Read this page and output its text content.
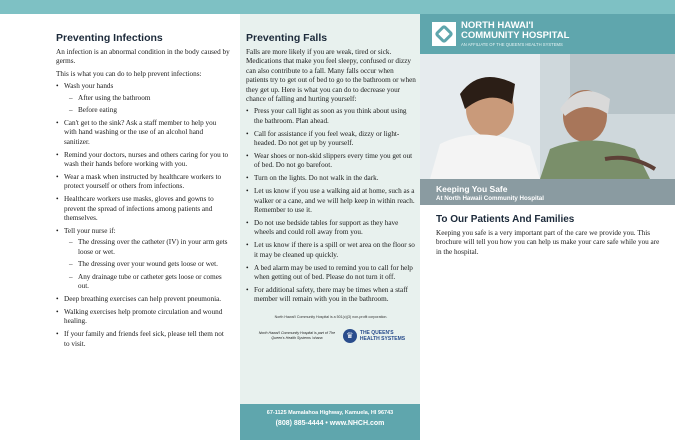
Preventing Infections

An infection is an abnormal condition in the body caused by germs.

This is what you can do to help prevent infections:

• Wash your hands
– After using the bathroom
– Before eating
• Can't get to the sink? Ask a staff member to help you with hand washing or the use of an alcohol hand sanitizer.
• Remind your doctors, nurses and others caring for you to wash their hands before working with you.
• Wear a mask when instructed by healthcare workers to protect yourself or others from infections.
• Healthcare workers use masks, gloves and gowns to prevent the spread of infections among patients and themselves.
• Tell your nurse if:
– The dressing over the catheter (IV) in your arm gets loose or wet.
– The dressing over your wound gets loose or wet.
– Any drainage tube or catheter gets loose or comes out.
• Deep breathing exercises can help prevent pneumonia.
• Walking exercises help promote circulation and wound healing.
• If your family and friends feel sick, please tell them not to visit.
Preventing Falls

Falls are more likely if you are weak, tired or sick. Medications that make you feel sleepy, confused or dizzy can also contribute to a fall. Many falls occur when patients try to get out of bed to go to the bathroom or when they get up. Here is what you can do to decrease your chance of falling and hurting yourself:

• Press your call light as soon as you think about using the bathroom. Plan ahead.
• Call for assistance if you feel weak, dizzy or light-headed. Do not get up by yourself.
• Wear shoes or non-skid slippers every time you get out of bed. Do not go barefoot.
• Turn on the lights. Do not walk in the dark.
• Let us know if you use a walking aid at home, such as a walker or a cane, and we will help keep in within reach. Remember to use it.
• Do not use bedside tables for support as they have wheels and could roll away from you.
• Let us know if there is a spill or wet area on the floor so it may be cleaned up quickly.
• A bed alarm may be used to remind you to call for help when getting out of bed. Please do not turn it off.
• For additional safety, there may be times when a staff member will remain with you in the bathroom.
North Hawai'i Community Hospital is a 501(c)(3) non-profit corporation.
North Hawai'i Community Hospital is part of The Queen's Health Systems 'ohana	♛	THE QUEEN'S
HEALTH SYSTEMS
67-1125 Mamalahoa Highway, Kamuela, HI 96743
(808) 885-4444 • www.NHCH.com
NORTH HAWAI'I
COMMUNITY HOSPITAL
AN AFFILIATE OF THE QUEEN'S HEALTH SYSTEMS
Keeping You Safe
At North Hawaii Community Hospital
To Our Patients And Families

Keeping you safe is a very important part of the care we provide you. This brochure will tell you how you can help us make your care safe while you are in the hospital.
